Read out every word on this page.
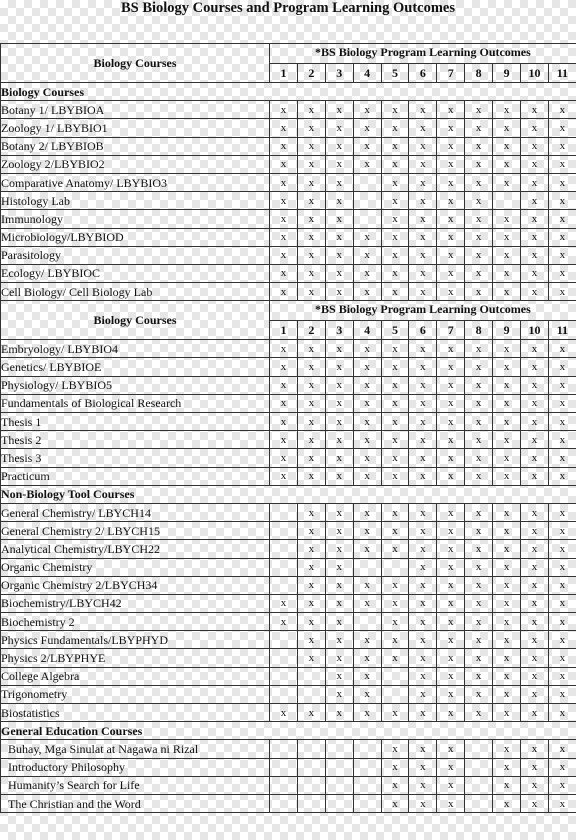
BS Biology Courses and Program Learning Outcomes
Biology Courses	*BS Biology Program Learning Outcomes										
	1	2	3	4	5	6	7	8	9	10	11
Biology Courses											
Botany 1/ LBYBIOA	x	x	x	x	x	x	x	x	x	x	x
Zoology 1/ LBYBIO1	x	x	x	x	x	x	x	x	x	x	x
Botany 2/ LBYBIOB	x	x	x	x	x	x	x	x	x	x	x
Zoology 2/LBYBIO2	x	x	x	x	x	x	x	x	x	x	x
Comparative Anatomy/ LBYBIO3	x	x	x		x	x	x	x	x	x	x
Histology Lab	x	x	x		x	x	x	x		x	x
Immunology	x	x	x		x	x	x	x	x	x	x
Microbiology/LBYBIOD	x	x	x	x	x	x	x	x	x	x	x
Parasitology	x	x	x	x	x	x	x	x	x	x	x
Ecology/ LBYBIOC	x	x	x	x	x	x	x	x	x	x	x
Cell Biology/ Cell Biology Lab	x	x	x	x	x	x	x	x	x	x	x
Biology Courses	*BS Biology Program Learning Outcomes										
	1	2	3	4	5	6	7	8	9	10	11
Embryology/ LBYBIO4	x	x	x	x	x	x	x	x	x	x	x
Genetics/ LBYBIOE	x	x	x	x	x	x	x	x	x	x	x
Physiology/ LBYBIO5	x	x	x	x	x	x	x	x	x	x	x
Fundamentals of Biological Research	x	x	x	x	x	x	x	x	x	x	x
Thesis 1	x	x	x	x	x	x	x	x	x	x	x
Thesis 2	x	x	x	x	x	x	x	x	x	x	x
Thesis 3	x	x	x	x	x	x	x	x	x	x	x
Practicum	x	x	x	x	x	x	x	x	x	x	x
Non-Biology Tool Courses											
General Chemistry/ LBYCH14		x	x	x	x	x	x	x	x	x	x
General Chemistry 2/ LBYCH15		x	x	x	x	x	x	x	x	x	x
Analytical Chemistry/LBYCH22		x	x	x	x	x	x	x	x	x	x
Organic Chemistry		x	x			x	x	x	x	x	x
Organic Chemistry 2/LBYCH34		x	x	x	x	x	x	x	x	x	x
Biochemistry/LBYCH42	x	x	x	x	x	x	x	x	x	x	x
Biochemistry 2	x	x	x		x	x	x	x	x	x	x
Physics Fundamentals/LBYPHYD		x	x	x	x	x	x	x	x	x	x
Physics 2/LBYPHYE		x	x	x	x	x	x	x	x	x	x
College Algebra			x	x		x	x	x	x	x	x
Trigonometry			x	x		x	x	x	x	x	x
Biostatistics	x	x	x	x	x	x	x	x	x	x	x
General Education Courses											
Buhay, Mga Sinulat at Nagawa ni Rizal					x	x	x		x	x	x
Introductory Philosophy					x	x	x		x	x	x
Humanity’s Search for Life					x	x	x		x	x	x
The Christian and the Word					x	x	x		x	x	x
